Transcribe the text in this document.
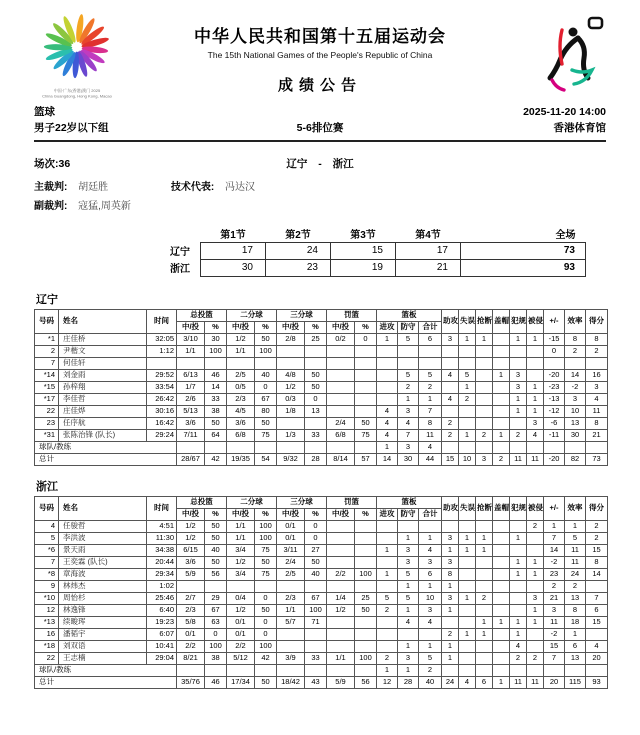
中国·广东(香港)澳门 2025
China Guangdong, Hong Kong, Macao
中华人民共和国第十五届运动会
The 15th National Games of the People's Republic of China
成绩公告
篮球	2025-11-20 14:00
男子22岁以下组	5-6排位赛	香港体育馆
场次:36	辽宁 - 浙江
主裁判: 胡廷胜	技术代表: 冯达汉
副裁判: 寇猛,周英新
	第1节	第2节	第3节	第4节	全场
辽宁	17	24	15	17	73
浙江	30	23	19	21	93
辽宁
号码	姓名	时间	总投篮		二分球		三分球		罚篮		篮板			助攻	失误	抢断	盖帽	犯规	被侵	+/-	效率	得分
			中/投	%	中/投	%	中/投	%	中/投	%	进攻	防守	合计									
*1	庄佳桥	32:05	3/10	30	1/2	50	2/8	25	0/2	0	1	5	6	3	1	1		1	1	-15	8	8
2	尹楷文	1:12	1/1	100	1/1	100														0	2	2
7	何佳轩																					
*14	刘金雨	29:52	6/13	46	2/5	40	4/8	50				5	5	4	5		1	3		-20	14	16
*15	孙梓翔	33:54	1/7	14	0/5	0	1/2	50				2	2		1			3	1	-23	-2	3
*17	李佳哲	26:42	2/6	33	2/3	67	0/3	0				1	1	4	2			1	1	-13	3	4
22	庄佳烨	30:16	5/13	38	4/5	80	1/8	13			4	3	7					1	1	-12	10	11
23	任序航	16:42	3/6	50	3/6	50			2/4	50	4	4	8	2					3	-6	13	8
*31	张陈治锋 (队长)	29:24	7/11	64	6/8	75	1/3	33	6/8	75	4	7	11	2	1	2	1	2	4	-11	30	21
球队/教练											1	3	4									
总计			28/67	42	19/35	54	9/32	28	8/14	57	14	30	44	15	10	3	2	11	11	-20	82	73
浙江
号码	姓名	时间	总投篮		二分球		三分球		罚篮		篮板			助攻	失误	抢断	盖帽	犯规	被侵	+/-	效率	得分
			中/投	%	中/投	%	中/投	%	中/投	%	进攻	防守	合计									
4	任骏哲	4:51	1/2	50	1/1	100	0/1	0											2	1	1	2
5	李洪波	11:30	1/2	50	1/1	100	0/1	0				1	1	3	1	1		1		7	5	2
*6	景天雨	34:38	6/15	40	3/4	75	3/11	27			1	3	4	1	1	1				14	11	15
7	王奕霖 (队长)	20:44	3/6	50	1/2	50	2/4	50				3	3	3				1	1	-2	11	8
*8	章海波	29:34	5/9	56	3/4	75	2/5	40	2/2	100	1	5	6	8				1	1	23	24	14
9	林炜杰	1:02										1	1	1						2	2	
*10	周怡杉	25:46	2/7	29	0/4	0	2/3	67	1/4	25	5	5	10	3	1	2			3	21	13	7
12	林逸锋	6:40	2/3	67	1/2	50	1/1	100	1/2	50	2	1	3	1					1	3	8	6
*13	续畯珲	19:23	5/8	63	0/1	0	5/7	71				4	4			1	1	1	1	11	18	15
16	潘韬宇	6:07	0/1	0	0/1	0								2	1	1		1		-2	1	
*18	刘双语	10:41	2/2	100	2/2	100						1	1	1				4		15	6	4
22	王志楠	29:04	8/21	38	5/12	42	3/9	33	1/1	100	2	3	5	1				2	2	7	13	20
球队/教练											1	1	2									
总计			35/76	46	17/34	50	18/42	43	5/9	56	12	28	40	24	4	6	1	11	11	20	115	93
